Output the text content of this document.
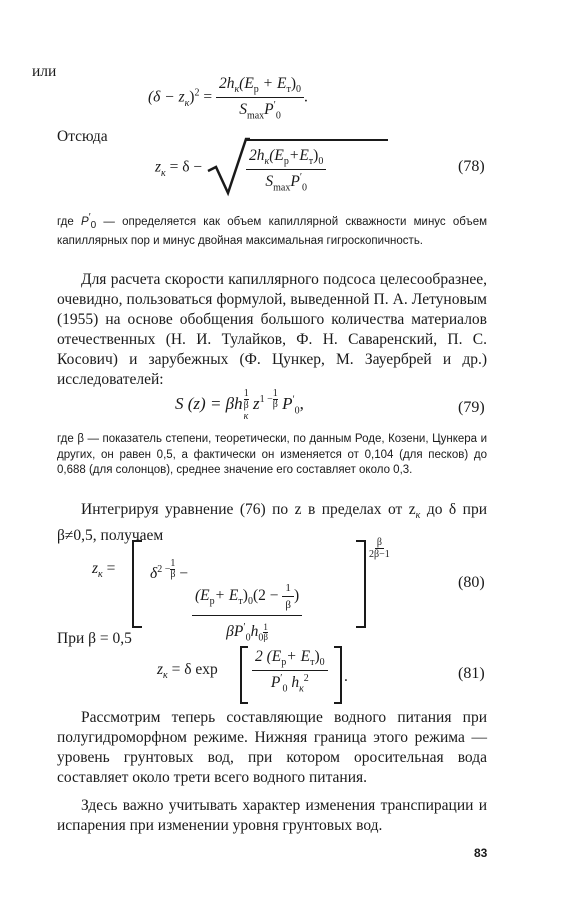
или
$(\delta - z_к)^2 = \frac{2h_к(E_р + E_т)_0}{S_{max}P'_0}$ .
Отсюда
$z_к = \delta$ −	$\frac{2h_к(E_р+E_т)_0}{S_{max}P'_0}$	(78)
где $P'_0$ — определяется как объем капиллярной скважности минус объем капиллярных пор и минус двойная максимальная гигроскопичность.
Для расчета скорости капиллярного подсоса целесообразнее, очевидно, пользоваться формулой, выведенной П. А. Летуновым (1955) на основе обобщения большого количества материалов отечественных (Н. И. Тулайков, Ф. Н. Саваренский, П. С. Косович) и зарубежных (Ф. Цункер, М. Зауербрей и др.) исследователей:
S (z) = βh
1
β
к
z $^{1 - \frac{1}{\beta}}$ $P'_0$,	(79)
где β — показатель степени, теоретически, по данным Роде, Козени, Цункера и других, он равен 0,5, а фактически он изменяется от 0,104 (для песков) до 0,688 (для солонцов), среднее значение его составляет около 0,3.
Интегрируя уравнение (76) по z в пределах от $z_к$ до δ при β≠0,5, получаем
$z_к = \delta$ $^{2 - \frac{1}{\beta}}$ −
$(E_р+ E_т)_0(2 - \frac{1}{\beta}$ )
$\beta P'_0h_0$ $^{\frac{1}{\beta}}$
β
2β−1
(80)
При β = 0,5
$z_к = \delta$ $\exp \frac{2 (E_р+ E_т)_0}{P'_0 h_к^2}$ .	(81)
Рассмотрим теперь составляющие водного питания при полугидроморфном режиме. Нижняя граница этого режима — уровень грунтовых вод, при котором оросительная вода составляет около трети всего водного питания.
Здесь важно учитывать характер изменения транспирации и испарения при изменении уровня грунтовых вод.
83
